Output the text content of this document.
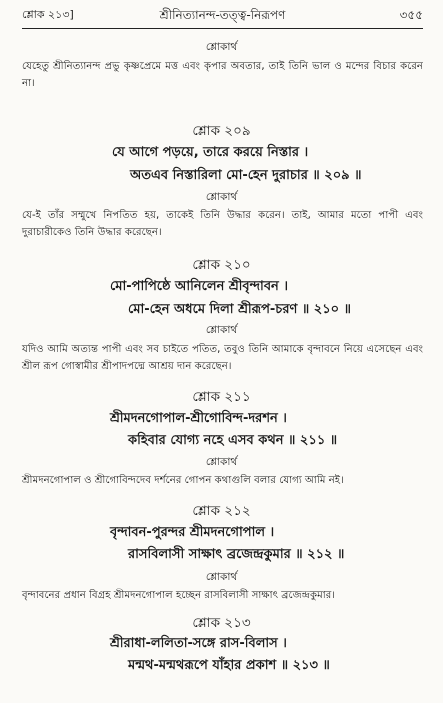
শ্লোক ২১৩]	শ্রীনিত্যানন্দ-তত্ত্ব-নিরূপণ	৩৫৫
শ্লোকার্থ
যেহেতু শ্রীনিত্যানন্দ প্রভু কৃষ্ণপ্রেমে মত্ত এবং কৃপার অবতার, তাই তিনি ভাল ও মন্দের বিচার করেন না।
শ্লোক ২০৯
যে আগে পড়য়ে, তারে করয়ে নিস্তার ।
অতএব নিস্তারিলা মো-হেন দুরাচার ॥ ২০৯ ॥
শ্লোকার্থ
যে-ই তাঁর সম্মুখে নিপতিত হয়, তাকেই তিনি উদ্ধার করেন। তাই, আমার মতো পাপী এবং দুরাচারীকেও তিনি উদ্ধার করেছেন।
শ্লোক ২১০
মো-পাপিষ্ঠে আনিলেন শ্রীবৃন্দাবন ।
মো-হেন অধমে দিলা শ্রীরূপ-চরণ ॥ ২১০ ॥
শ্লোকার্থ
যদিও আমি অত্যন্ত পাপী এবং সব চাইতে পতিত, তবুও তিনি আমাকে বৃন্দাবনে নিয়ে এসেছেন এবং শ্রীল রূপ গোস্বামীর শ্রীপাদপদ্মে আশ্রয় দান করেছেন।
শ্লোক ২১১
শ্রীমদনগোপাল-শ্রীগোবিন্দ-দরশন ।
কহিবার যোগ্য নহে এসব কথন ॥ ২১১ ॥
শ্লোকার্থ
শ্রীমদনগোপাল ও শ্রীগোবিন্দদেব দর্শনের গোপন কথাগুলি বলার যোগ্য আমি নই।
শ্লোক ২১২
বৃন্দাবন-পুরন্দর শ্রীমদনগোপাল ।
রাসবিলাসী সাক্ষাৎ ব্রজেন্দ্রকুমার ॥ ২১২ ॥
শ্লোকার্থ
বৃন্দাবনের প্রধান বিগ্রহ শ্রীমদনগোপাল হচ্ছেন রাসবিলাসী সাক্ষাৎ ব্রজেন্দ্রকুমার।
শ্লোক ২১৩
শ্রীরাধা-ললিতা-সঙ্গে রাস-বিলাস ।
মন্মথ-মন্মথরূপে যাঁহার প্রকাশ ॥ ২১৩ ॥
